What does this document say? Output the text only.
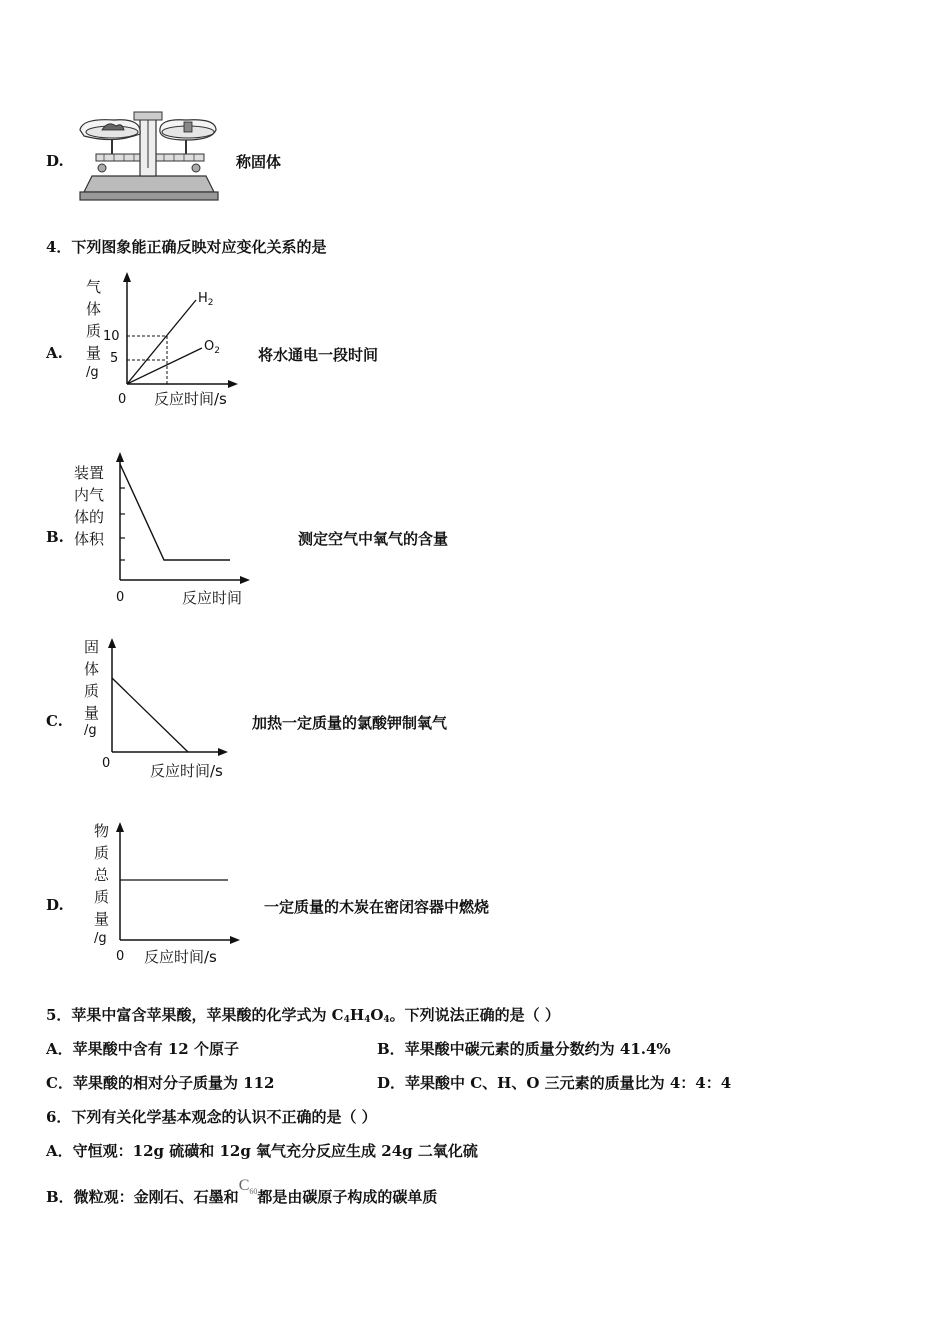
D.	称固体
4．下列图象能正确反映对应变化关系的是
A.
气
体
质
量
/g
10
5
$H_2$
$O_2$
0 反应时间/s
将水通电一段时间
B.
装置
内气
体的
体积
0	反应时间
测定空气中氧气的含量
C.
固
体
质
量
/g
0	反应时间/s
加热一定质量的氯酸钾制氧气
D.
物
质
总
质
量
/g
0 反应时间/s
一定质量的木炭在密闭容器中燃烧
5．苹果中富含苹果酸，苹果酸的化学式为 $C_4H_4O_4$。下列说法正确的是（ ）
A．苹果酸中含有 12 个原子	B．苹果酸中碳元素的质量分数约为 41.4%
C．苹果酸的相对分子质量为 112	D．苹果酸中 C、H、O 三元素的质量比为 4：4：4
6．下列有关化学基本观念的认识不正确的是（ ）
A．守恒观：12g 硫磺和 12g 氧气充分反应生成 24g 二氧化硫
B．微粒观：金刚石、石墨和$C_{60}$都是由碳原子构成的碳单质
